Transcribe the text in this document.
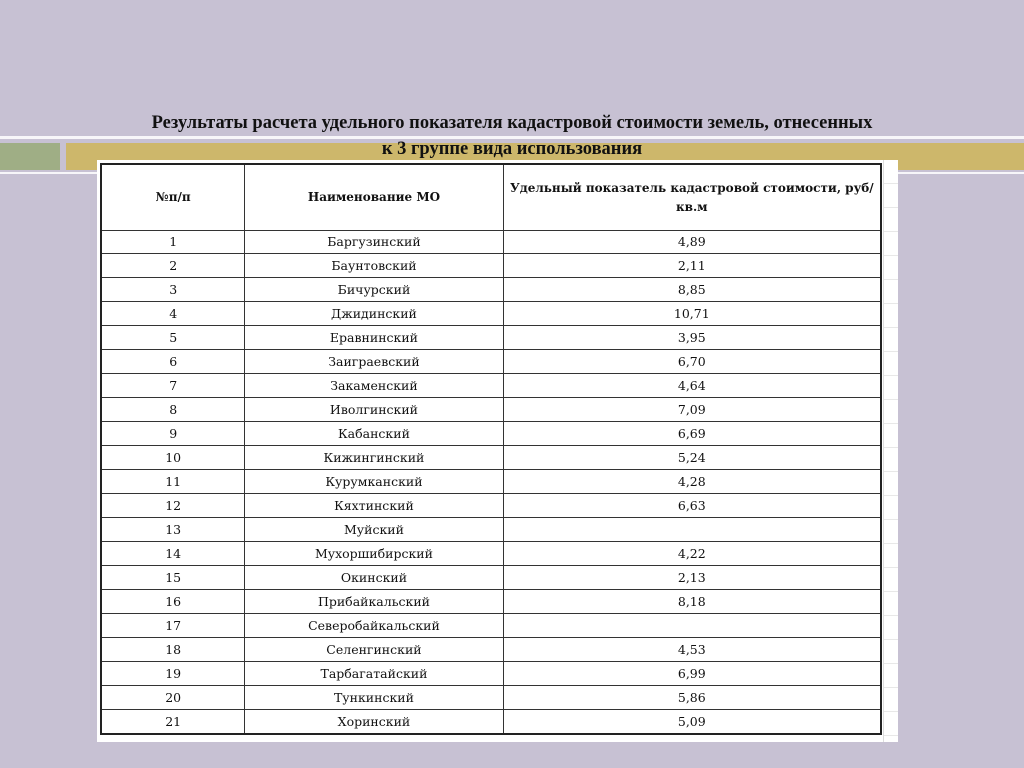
Результаты расчета удельного показателя кадастровой стоимости земель, отнесенных
к 3 группе вида использования
№п/п	Наименование МО	Удельный показатель кадастровой стоимости, руб/кв.м
1	Баргузинский	4,89
2	Баунтовский	2,11
3	Бичурский	8,85
4	Джидинский	10,71
5	Еравнинский	3,95
6	Заиграевский	6,70
7	Закаменский	4,64
8	Иволгинский	7,09
9	Кабанский	6,69
10	Кижингинский	5,24
11	Курумканский	4,28
12	Кяхтинский	6,63
13	Муйский	
14	Мухоршибирский	4,22
15	Окинский	2,13
16	Прибайкальский	8,18
17	Северобайкальский	
18	Селенгинский	4,53
19	Тарбагатайский	6,99
20	Тункинский	5,86
21	Хоринский	5,09
